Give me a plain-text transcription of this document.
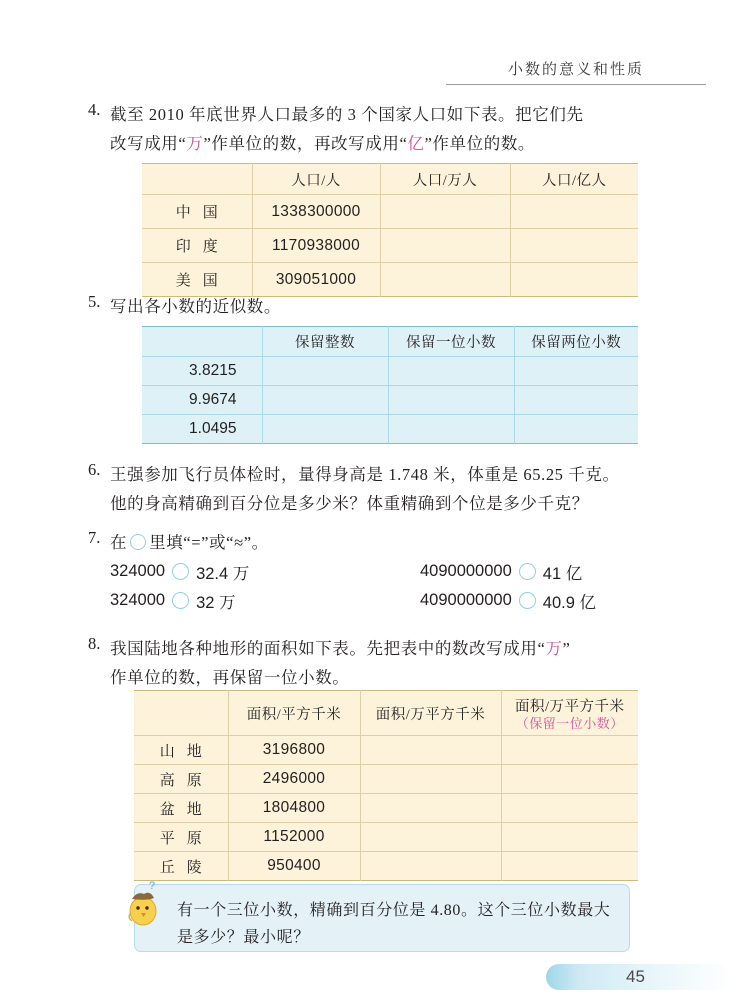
小数的意义和性质
4. 截至 2010 年底世界人口最多的 3 个国家人口如下表。把它们先
改写成用“万”作单位的数，再改写成用“亿”作单位的数。
	人口/人	人口/万人	人口/亿人
中国	1338300000		
印度	1170938000		
美国	309051000		
5. 写出各小数的近似数。
	保留整数	保留一位小数	保留两位小数
3.8215			
9.9674			
1.0495			
6. 王强参加飞行员体检时，量得身高是 1.748 米，体重是 65.25 千克。
他的身高精确到百分位是多少米？体重精确到个位是多少千克？
7. 在 里填“=”或“≈”。
324000 32.4 万
324000 32 万
4090000000 41 亿
4090000000 40.9 亿
8. 我国陆地各种地形的面积如下表。先把表中的数改写成用“万”
作单位的数，再保留一位小数。
	面积/平方千米	面积/万平方千米	面积/万平方千米
（保留一位小数）

山地	3196800		
高原	2496000		
盆地	1804800		
平原	1152000		
丘陵	950400		
?
有一个三位小数，精确到百分位是 4.80。这个三位小数最大
是多少？最小呢？
45
